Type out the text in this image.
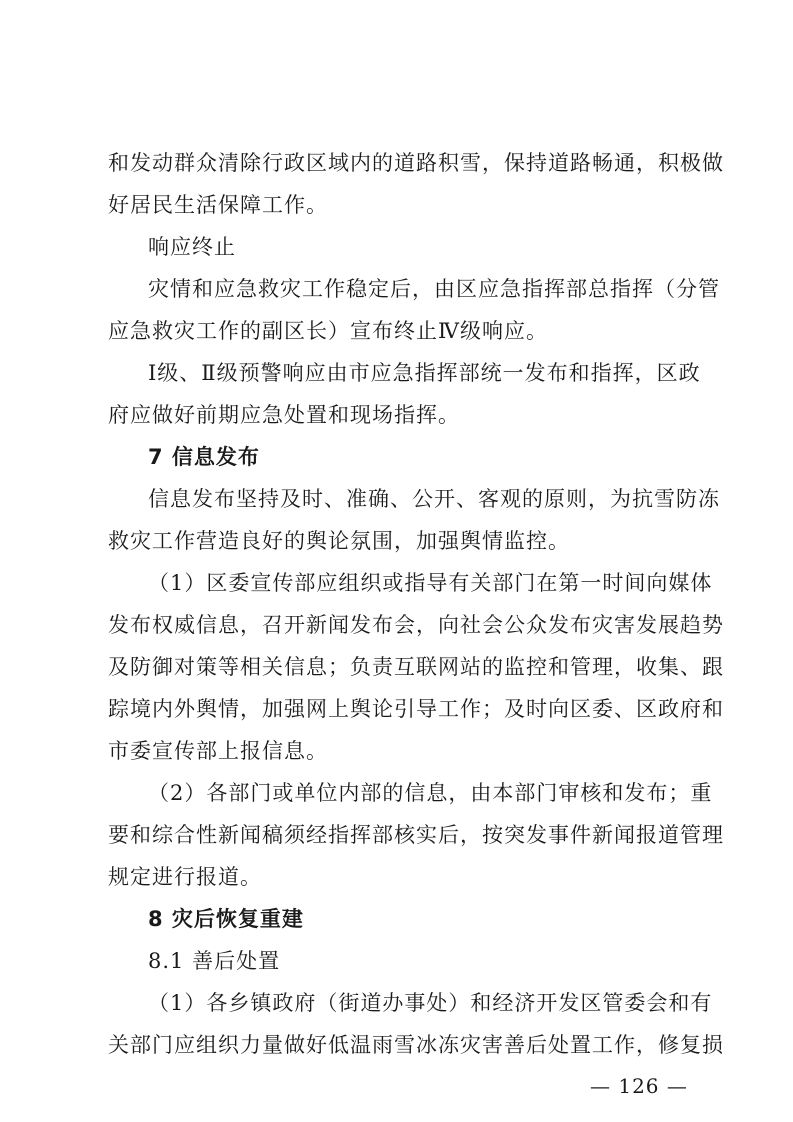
和发动群众清除行政区域内的道路积雪，保持道路畅通，积极做
好居民生活保障工作。
响应终止
灾情和应急救灾工作稳定后，由区应急指挥部总指挥（分管
应急救灾工作的副区长）宣布终止Ⅳ级响应。
Ⅰ级、Ⅱ级预警响应由市应急指挥部统一发布和指挥，区政
府应做好前期应急处置和现场指挥。
7 信息发布
信息发布坚持及时、准确、公开、客观的原则，为抗雪防冻
救灾工作营造良好的舆论氛围，加强舆情监控。
（1）区委宣传部应组织或指导有关部门在第一时间向媒体
发布权威信息，召开新闻发布会，向社会公众发布灾害发展趋势
及防御对策等相关信息；负责互联网站的监控和管理，收集、跟
踪境内外舆情，加强网上舆论引导工作；及时向区委、区政府和
市委宣传部上报信息。
（2）各部门或单位内部的信息，由本部门审核和发布；重
要和综合性新闻稿须经指挥部核实后，按突发事件新闻报道管理
规定进行报道。
8 灾后恢复重建
8.1 善后处置
（1）各乡镇政府（街道办事处）和经济开发区管委会和有
关部门应组织力量做好低温雨雪冰冻灾害善后处置工作，修复损
— 126 —
